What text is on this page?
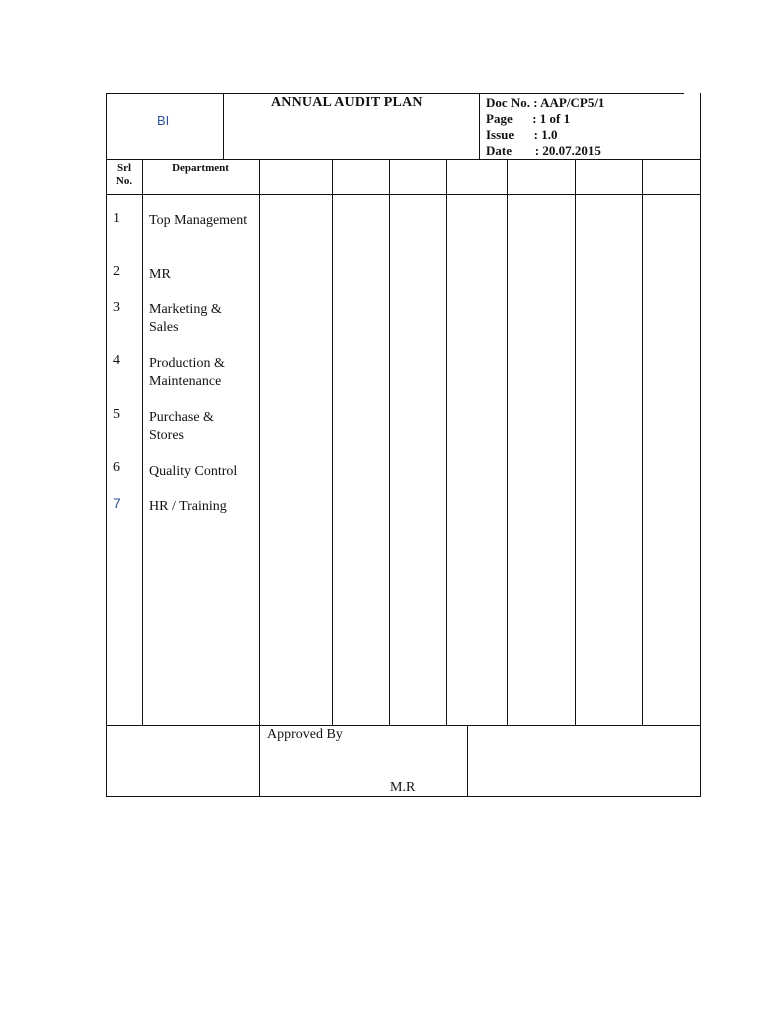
BI
ANNUAL AUDIT PLAN	Doc No. : AAP/CP5/1
Page      : 1 of 1
Issue      : 1.0
Date       : 20.07.2015
Srl No.
Department
1
2
3
4
5
6
7
Top Management
MR
Marketing & Sales
Production & Maintenance
Purchase & Stores
Quality Control
HR / Training
Approved By
M.R
